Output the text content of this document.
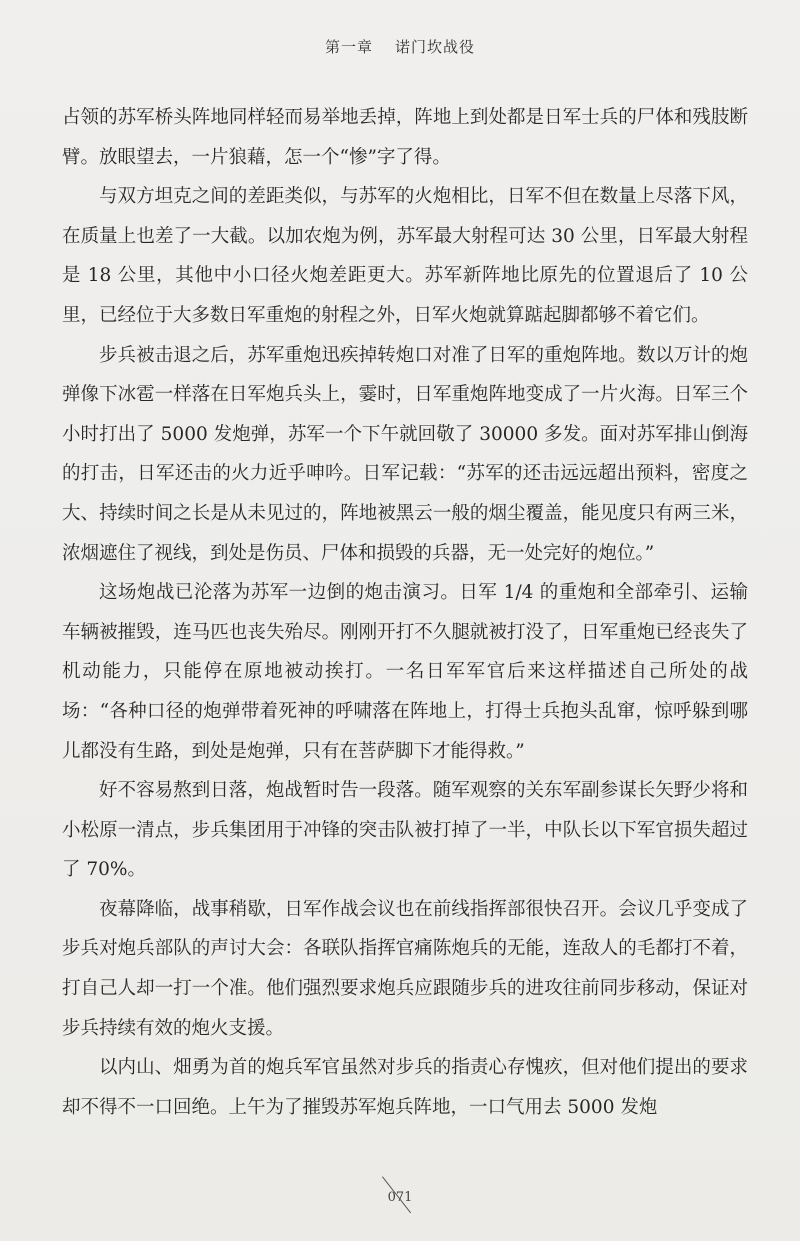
第一章 诺门坎战役

占领的苏军桥头阵地同样轻而易举地丢掉，阵地上到处都是日军士兵的尸体和残肢断臂。放眼望去，一片狼藉，怎一个“惨”字了得。

与双方坦克之间的差距类似，与苏军的火炮相比，日军不但在数量上尽落下风，在质量上也差了一大截。以加农炮为例，苏军最大射程可达 30 公里，日军最大射程是 18 公里，其他中小口径火炮差距更大。苏军新阵地比原先的位置退后了 10 公里，已经位于大多数日军重炮的射程之外，日军火炮就算踮起脚都够不着它们。

步兵被击退之后，苏军重炮迅疾掉转炮口对准了日军的重炮阵地。数以万计的炮弹像下冰雹一样落在日军炮兵头上，霎时，日军重炮阵地变成了一片火海。日军三个小时打出了 5000 发炮弹，苏军一个下午就回敬了 30000 多发。面对苏军排山倒海的打击，日军还击的火力近乎呻吟。日军记载：“苏军的还击远远超出预料，密度之大、持续时间之长是从未见过的，阵地被黑云一般的烟尘覆盖，能见度只有两三米，浓烟遮住了视线，到处是伤员、尸体和损毁的兵器，无一处完好的炮位。”

这场炮战已沦落为苏军一边倒的炮击演习。日军 1/4 的重炮和全部牵引、运输车辆被摧毁，连马匹也丧失殆尽。刚刚开打不久腿就被打没了，日军重炮已经丧失了机动能力，只能停在原地被动挨打。一名日军军官后来这样描述自己所处的战场：“各种口径的炮弹带着死神的呼啸落在阵地上，打得士兵抱头乱窜，惊呼躲到哪儿都没有生路，到处是炮弹，只有在菩萨脚下才能得救。”

好不容易熬到日落，炮战暂时告一段落。随军观察的关东军副参谋长矢野少将和小松原一清点，步兵集团用于冲锋的突击队被打掉了一半，中队长以下军官损失超过了 70%。

夜幕降临，战事稍歇，日军作战会议也在前线指挥部很快召开。会议几乎变成了步兵对炮兵部队的声讨大会：各联队指挥官痛陈炮兵的无能，连敌人的毛都打不着，打自己人却一打一个准。他们强烈要求炮兵应跟随步兵的进攻往前同步移动，保证对步兵持续有效的炮火支援。

以内山、畑勇为首的炮兵军官虽然对步兵的指责心存愧疚，但对他们提出的要求却不得不一口回绝。上午为了摧毁苏军炮兵阵地，一口气用去 5000 发炮

071
